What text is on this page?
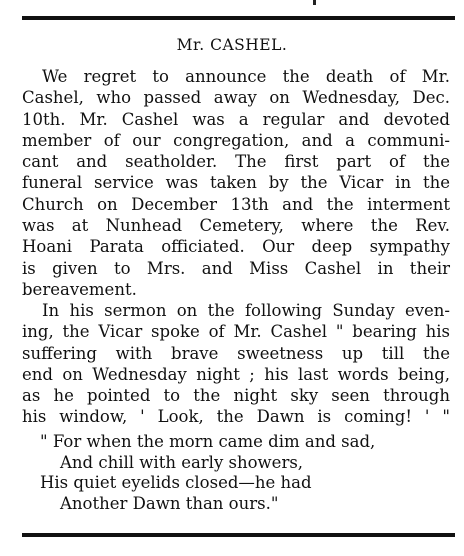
Mr. CASHEL.
We regret to announce the death of Mr.
Cashel, who passed away on Wednesday, Dec.
10th. Mr. Cashel was a regular and devoted
member of our congregation, and a communi-
cant and seatholder. The first part of the
funeral service was taken by the Vicar in the
Church on December 13th and the interment
was at Nunhead Cemetery, where the Rev.
Hoani Parata officiated. Our deep sympathy
is given to Mrs. and Miss Cashel in their
bereavement.
In his sermon on the following Sunday even-
ing, the Vicar spoke of Mr. Cashel " bearing his
suffering with brave sweetness up till the
end on Wednesday night ; his last words being,
as he pointed to the night sky seen through
his window, ' Look, the Dawn is coming! ' "
" For when the morn came dim and sad,
And chill with early showers,
His quiet eyelids closed—he had
Another Dawn than ours."
